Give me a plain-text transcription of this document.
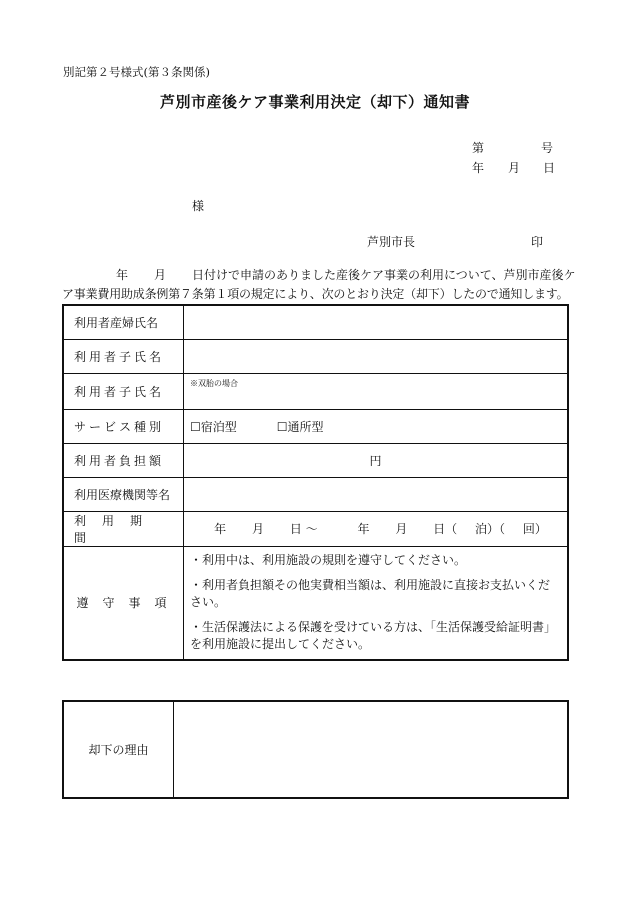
別記第２号様式(第３条関係)
芦別市産後ケア事業利用決定（却下）通知書
第	号
年 月 日
様
芦別市長	印
年 月 日付けで申請のありました産後ケア事業の利用について、芦別市産後ケ
ア事業費用助成条例第７条第１項の規定により、次のとおり決定（却下）したので通知します。
利用者産婦氏名	
利用者子氏名	
利用者子氏名	※双胎の場合
サービス種別	☐宿泊型 ☐通所型
利用者負担額	円
利用医療機関等名	
利用期間	年 月 日 ～ 年 月 日（ 泊）（ 回）
遵守事項	・利用中は、利用施設の規則を遵守してください。
・利用者負担額その他実費相当額は、利用施設に直接お支払いください。
・生活保護法による保護を受けている方は、「生活保護受給証明書」を利用施設に提出してください。
却下の理由	
